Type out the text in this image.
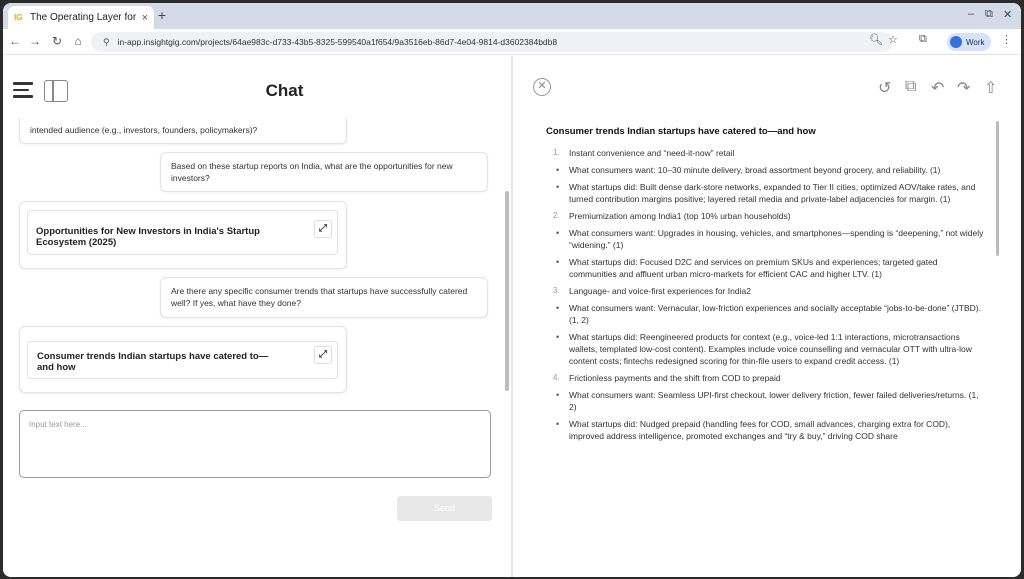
IG The Operating Layer for × +	– ⧉ ✕
← → ↻	⌂	⚲ in-app.insightgig.com/projects/64ae983c-d733-43b5-8325-599540a1f654/9a3516eb-86d7-4e04-9814-d3602384bdb8	🔍︎ ☆ ⧉	Work ⋮
Chat
intended audience (e.g., investors, founders, policymakers)?
Based on these startup reports on India, what are the opportunities for new investors?
Opportunities for New Investors in India's Startup Ecosystem (2025)
⤢
Are there any specific consumer trends that startups have successfully catered well? If yes, what have they done?
Consumer trends Indian startups have catered to—and how
⤢
Input text here...
Send
✕	↺ ⧉ ↶ ↷ ⇧
Consumer trends Indian startups have catered to—and how
1. Instant convenience and “need-it-now” retail
• What consumers want: 10–30 minute delivery, broad assortment beyond grocery, and reliability. (1)
• What startups did: Built dense dark-store networks, expanded to Tier II cities, optimized AOV/take rates, and turned contribution margins positive; layered retail media and private-label adjacencies for margin. (1)
2. Premiumization among India1 (top 10% urban households)
• What consumers want: Upgrades in housing, vehicles, and smartphones—spending is “deepening,” not widely “widening.” (1)
• What startups did: Focused D2C and services on premium SKUs and experiences; targeted gated communities and affluent urban micro-markets for efficient CAC and higher LTV. (1)
3. Language- and voice-first experiences for India2
• What consumers want: Vernacular, low-friction experiences and socially acceptable “jobs-to-be-done” (JTBD). (1, 2)
• What startups did: Reengineered products for context (e.g., voice-led 1:1 interactions, microtransactions wallets, templated low-cost content). Examples include voice counselling and vernacular OTT with ultra-low content costs; fintechs redesigned scoring for thin-file users to expand credit access. (1)
4. Frictionless payments and the shift from COD to prepaid
• What consumers want: Seamless UPI-first checkout, lower delivery friction, fewer failed deliveries/returns. (1, 2)
• What startups did: Nudged prepaid (handling fees for COD, small advances, charging extra for COD), improved address intelligence, promoted exchanges and “try & buy,” driving COD share
